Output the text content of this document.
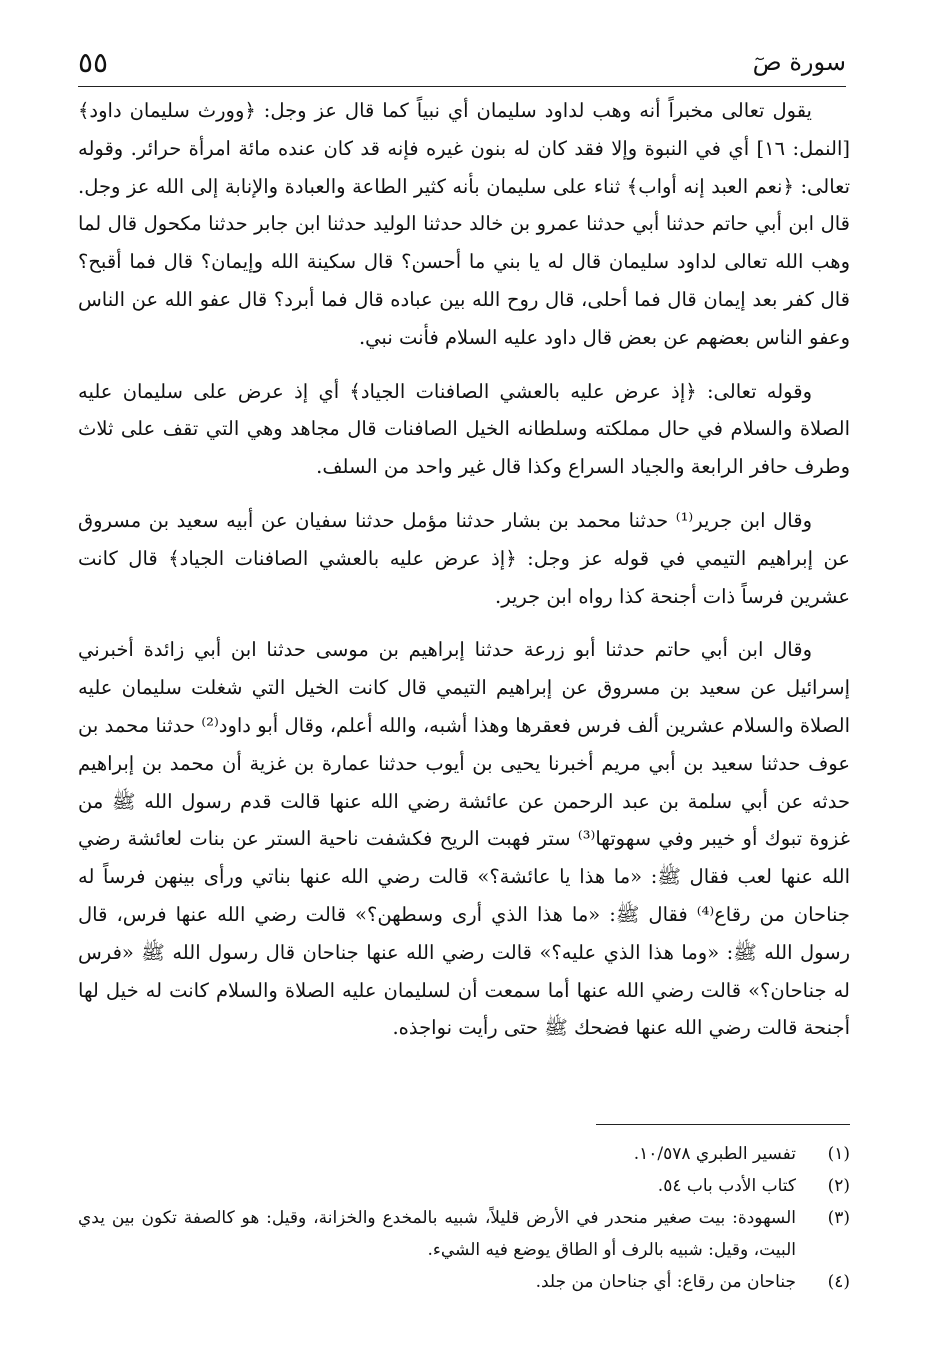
٥٥	سورة صٓ

يقول تعالى مخبراً أنه وهب لداود سليمان أي نبياً كما قال عز وجل: ﴿وورث سليمان داود﴾ [النمل: ١٦] أي في النبوة وإلا فقد كان له بنون غيره فإنه قد كان عنده مائة امرأة حرائر. وقوله تعالى: ﴿نعم العبد إنه أواب﴾ ثناء على سليمان بأنه كثير الطاعة والعبادة والإنابة إلى الله عز وجل. قال ابن أبي حاتم حدثنا أبي حدثنا عمرو بن خالد حدثنا الوليد حدثنا ابن جابر حدثنا مكحول قال لما وهب الله تعالى لداود سليمان قال له يا بني ما أحسن؟ قال سكينة الله وإيمان؟ قال فما أقبح؟ قال كفر بعد إيمان قال فما أحلى، قال روح الله بين عباده قال فما أبرد؟ قال عفو الله عن الناس وعفو الناس بعضهم عن بعض قال داود عليه السلام فأنت نبي.

وقوله تعالى: ﴿إذ عرض عليه بالعشي الصافنات الجياد﴾ أي إذ عرض على سليمان عليه الصلاة والسلام في حال مملكته وسلطانه الخيل الصافنات قال مجاهد وهي التي تقف على ثلاث وطرف حافر الرابعة والجياد السراع وكذا قال غير واحد من السلف.

وقال ابن جرير⁽¹⁾ حدثنا محمد بن بشار حدثنا مؤمل حدثنا سفيان عن أبيه سعيد بن مسروق عن إبراهيم التيمي في قوله عز وجل: ﴿إذ عرض عليه بالعشي الصافنات الجياد﴾ قال كانت عشرين فرساً ذات أجنحة كذا رواه ابن جرير.

وقال ابن أبي حاتم حدثنا أبو زرعة حدثنا إبراهيم بن موسى حدثنا ابن أبي زائدة أخبرني إسرائيل عن سعيد بن مسروق عن إبراهيم التيمي قال كانت الخيل التي شغلت سليمان عليه الصلاة والسلام عشرين ألف فرس فعقرها وهذا أشبه، والله أعلم، وقال أبو داود⁽²⁾ حدثنا محمد بن عوف حدثنا سعيد بن أبي مريم أخبرنا يحيى بن أيوب حدثنا عمارة بن غزية أن محمد بن إبراهيم حدثه عن أبي سلمة بن عبد الرحمن عن عائشة رضي الله عنها قالت قدم رسول الله ﷺ من غزوة تبوك أو خيبر وفي سهوتها⁽³⁾ ستر فهبت الريح فكشفت ناحية الستر عن بنات لعائشة رضي الله عنها لعب فقال ﷺ: «ما هذا يا عائشة؟» قالت رضي الله عنها بناتي ورأى بينهن فرساً له جناحان من رقاع⁽⁴⁾ فقال ﷺ: «ما هذا الذي أرى وسطهن؟» قالت رضي الله عنها فرس، قال رسول الله ﷺ: «وما هذا الذي عليه؟» قالت رضي الله عنها جناحان قال رسول الله ﷺ «فرس له جناحان؟» قالت رضي الله عنها أما سمعت أن لسليمان عليه الصلاة والسلام كانت له خيل لها أجنحة قالت رضي الله عنها فضحك ﷺ حتى رأيت نواجذه.

(١)
تفسير الطبري ١٠/٥٧٨.
(٢)
كتاب الأدب باب ٥٤.
(٣)
السهودة: بيت صغير منحدر في الأرض قليلاً، شبيه بالمخدع والخزانة، وقيل: هو كالصفة تكون بين يدي البيت، وقيل: شبيه بالرف أو الطاق يوضع فيه الشيء.
(٤)
جناحان من رقاع: أي جناحان من جلد.
